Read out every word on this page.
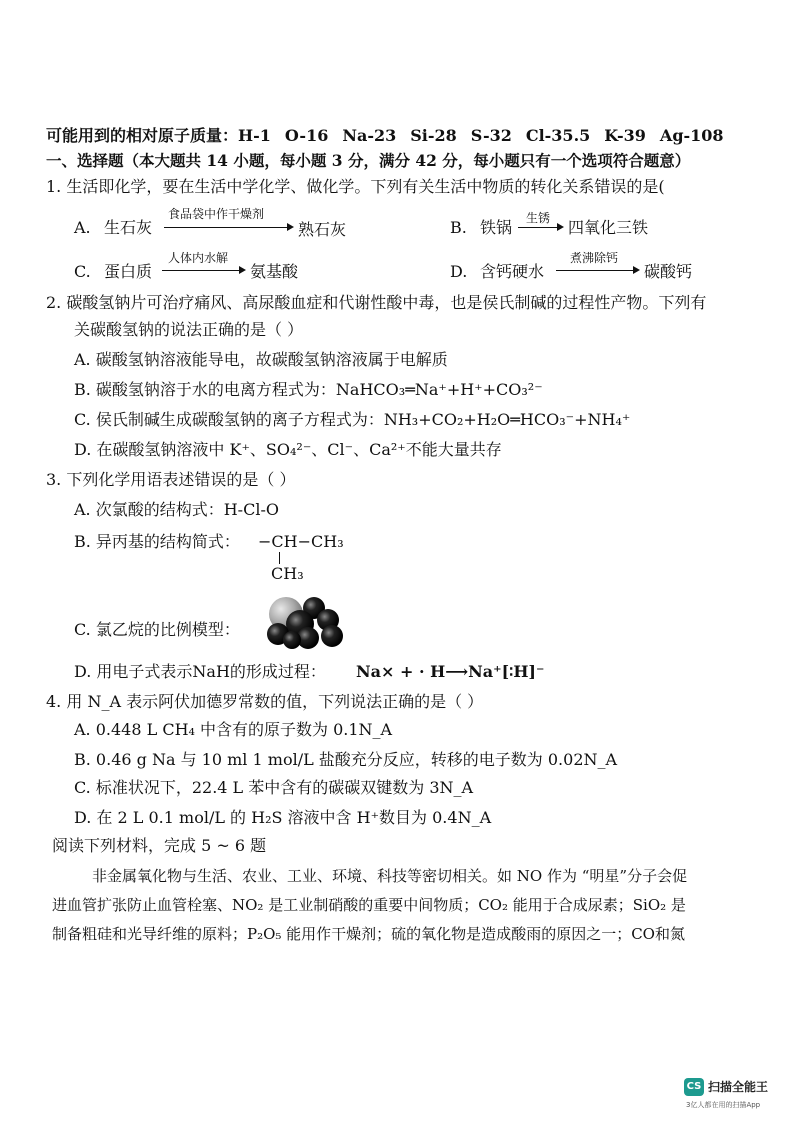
可能用到的相对原子质量：H-1 O-16 Na-23 Si-28 S-32 Cl-35.5 K-39 Ag-108
一、选择题（本大题共 14 小题，每小题 3 分，满分 42 分，每小题只有一个选项符合题意）
1. 生活即化学，要在生活中学化学、做化学。下列有关生活中物质的转化关系错误的是(
A. 生石灰
食品袋中作干燥剂
熟石灰	B. 铁锅 生锈 四氧化三铁
C. 蛋白质
人体内水解
氨基酸	D. 含钙硬水
煮沸除钙
碳酸钙
2. 碳酸氢钠片可治疗痛风、高尿酸血症和代谢性酸中毒，也是侯氏制碱的过程性产物。下列有
关碳酸氢钠的说法正确的是（ ）
A. 碳酸氢钠溶液能导电，故碳酸氢钠溶液属于电解质
B. 碳酸氢钠溶于水的电离方程式为：NaHCO₃═Na⁺+H⁺+CO₃²⁻
C. 侯氏制碱生成碳酸氢钠的离子方程式为：NH₃+CO₂+H₂O═HCO₃⁻+NH₄⁺
D. 在碳酸氢钠溶液中 K⁺、SO₄²⁻、Cl⁻、Ca²⁺不能大量共存
3. 下列化学用语表述错误的是（ ）
A. 次氯酸的结构式：H-Cl-O
B. 异丙基的结构简式： −CH−CH₃
CH₃
C. 氯乙烷的比例模型：
D. 用电子式表示NaH的形成过程： Na× + · H⟶Na⁺[∶H]⁻
4. 用 N_A 表示阿伏加德罗常数的值，下列说法正确的是（ ）
A. 0.448 L CH₄ 中含有的原子数为 0.1N_A
B. 0.46 g Na 与 10 ml 1 mol/L 盐酸充分反应，转移的电子数为 0.02N_A
C. 标准状况下，22.4 L 苯中含有的碳碳双键数为 3N_A
D. 在 2 L 0.1 mol/L 的 H₂S 溶液中含 H⁺数目为 0.4N_A
阅读下列材料，完成 5 ~ 6 题
非金属氧化物与生活、农业、工业、环境、科技等密切相关。如 NO 作为 “明星”分子会促
进血管扩张防止血管栓塞、NO₂ 是工业制硝酸的重要中间物质；CO₂ 能用于合成尿素；SiO₂ 是
制备粗硅和光导纤维的原料；P₂O₅ 能用作干燥剂；硫的氧化物是造成酸雨的原因之一；CO和氮
CS 扫描全能王
3亿人都在用的扫描App
